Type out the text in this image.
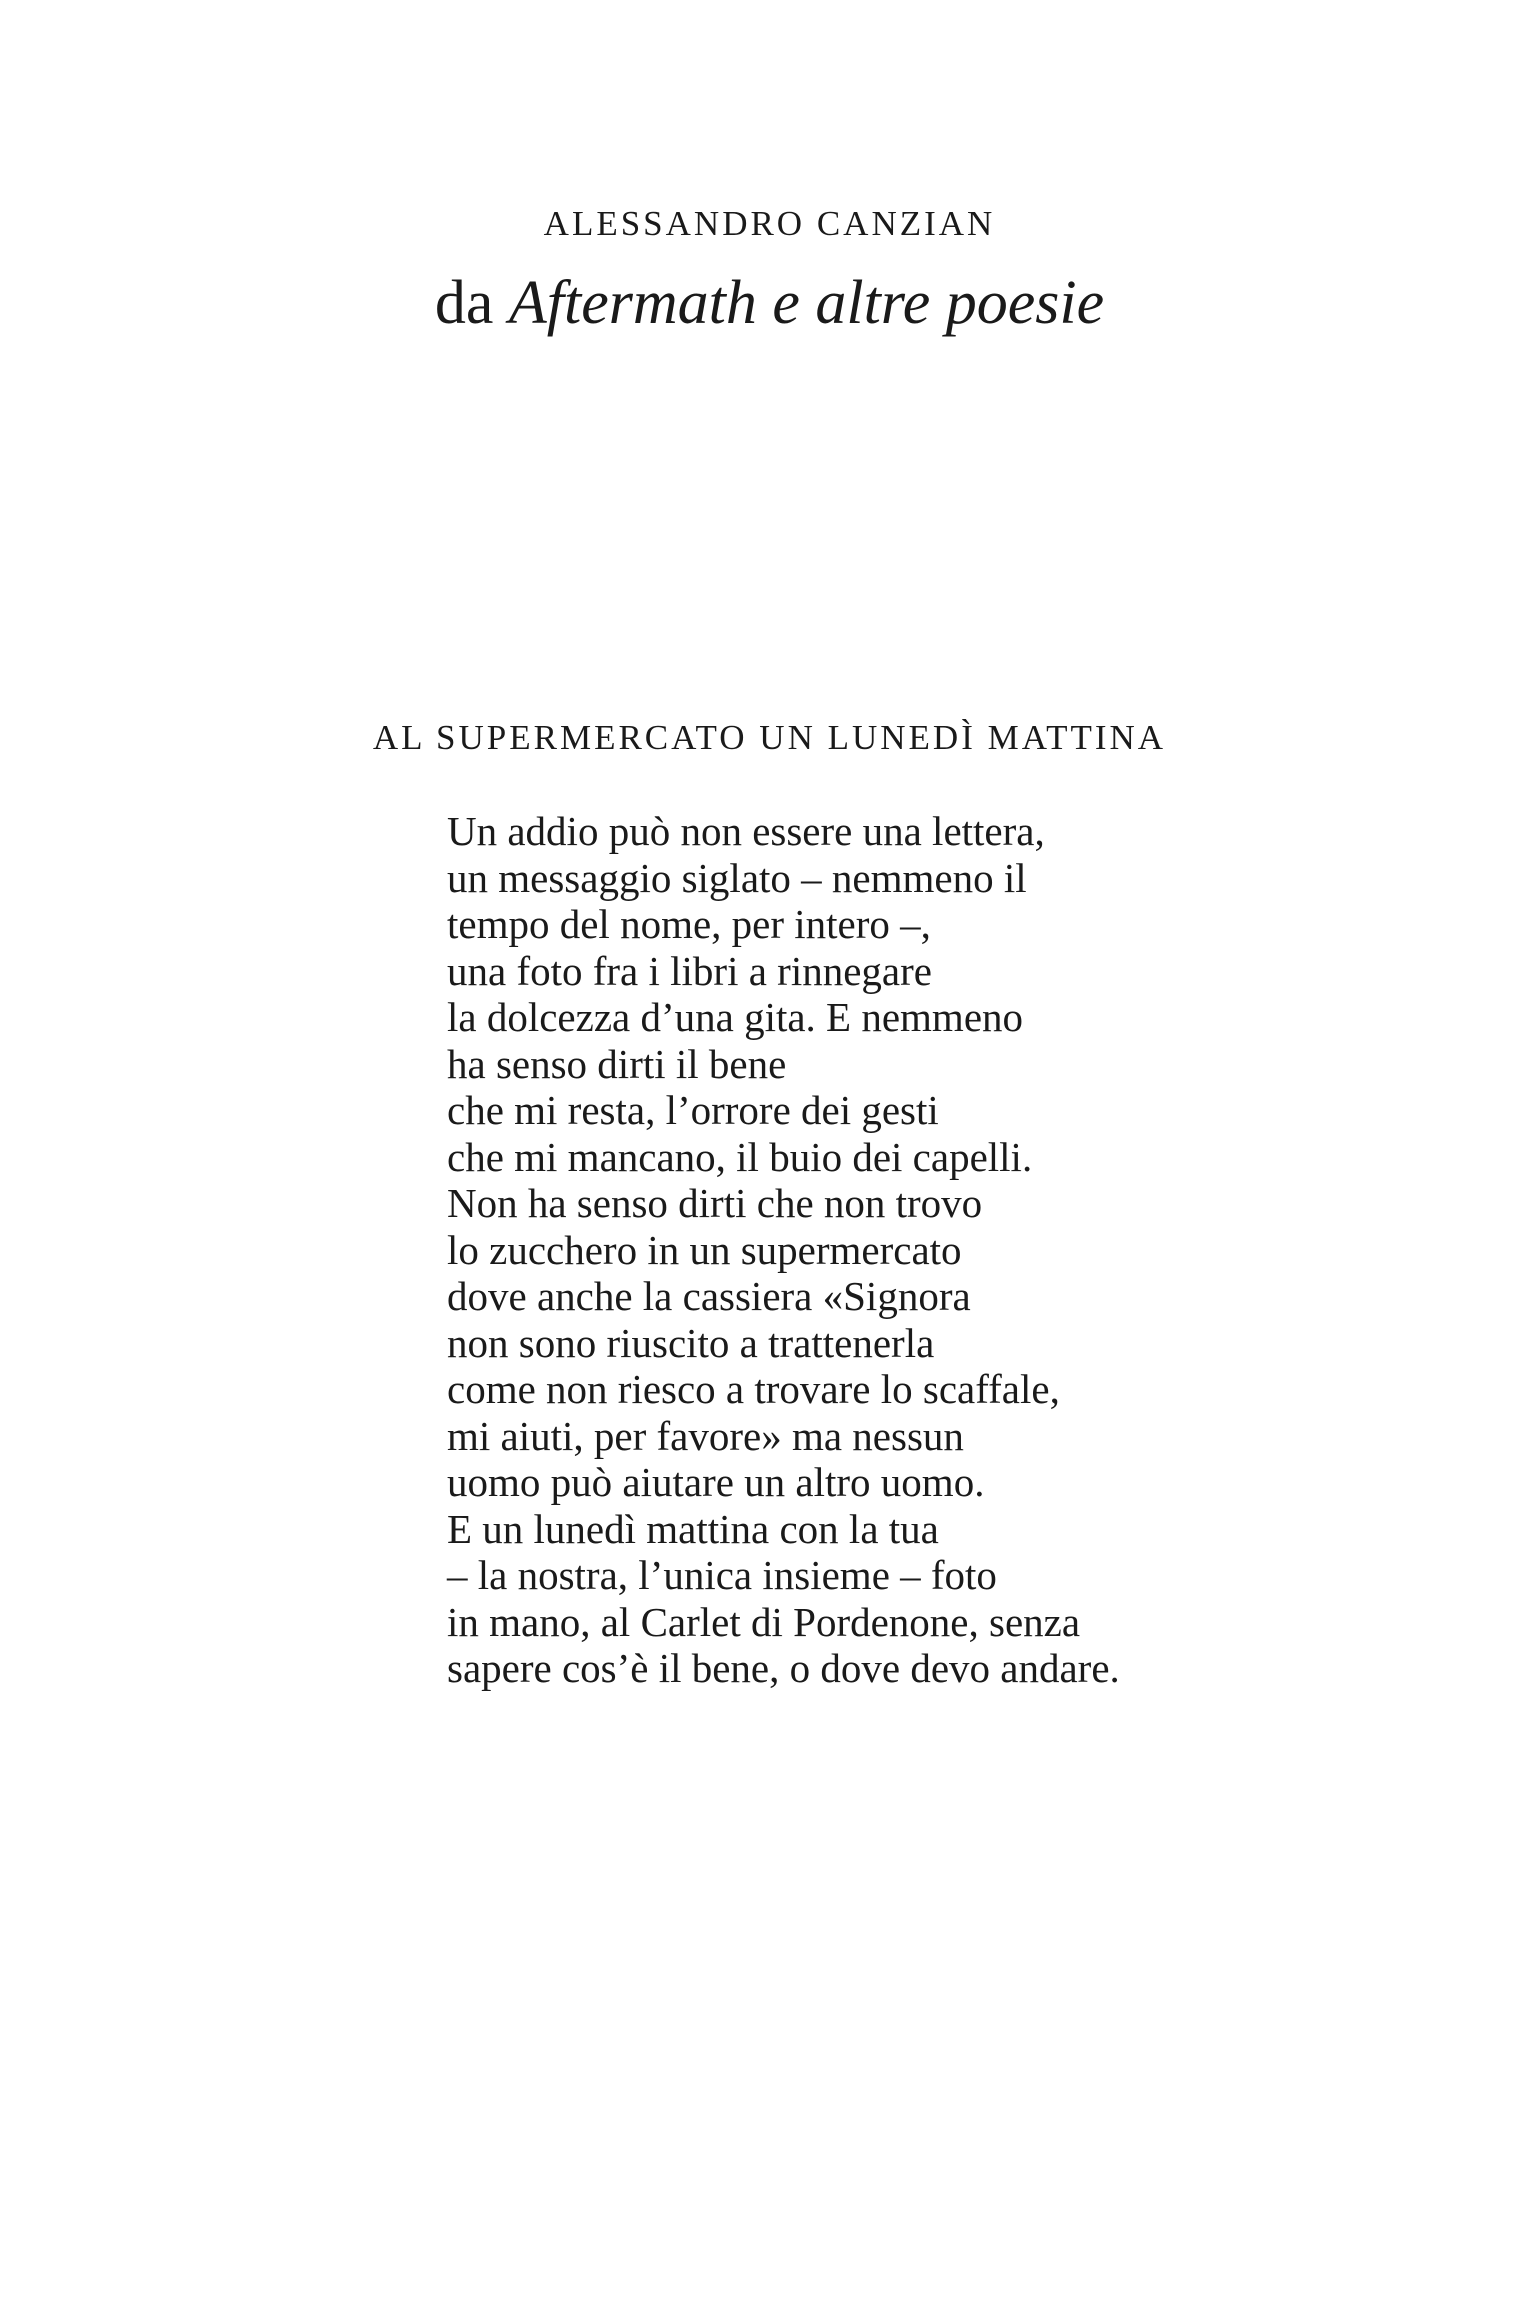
ALESSANDRO CANZIAN
da Aftermath e altre poesie
AL SUPERMERCATO UN LUNEDÌ MATTINA
Un addio può non essere una lettera,
un messaggio siglato – nemmeno il
tempo del nome, per intero –,
una foto fra i libri a rinnegare
la dolcezza d’una gita. E nemmeno
ha senso dirti il bene
che mi resta, l’orrore dei gesti
che mi mancano, il buio dei capelli.
Non ha senso dirti che non trovo
lo zucchero in un supermercato
dove anche la cassiera «Signora
non sono riuscito a trattenerla
come non riesco a trovare lo scaffale,
mi aiuti, per favore» ma nessun
uomo può aiutare un altro uomo.
E un lunedì mattina con la tua
– la nostra, l’unica insieme – foto
in mano, al Carlet di Pordenone, senza
sapere cos’è il bene, o dove devo andare.
